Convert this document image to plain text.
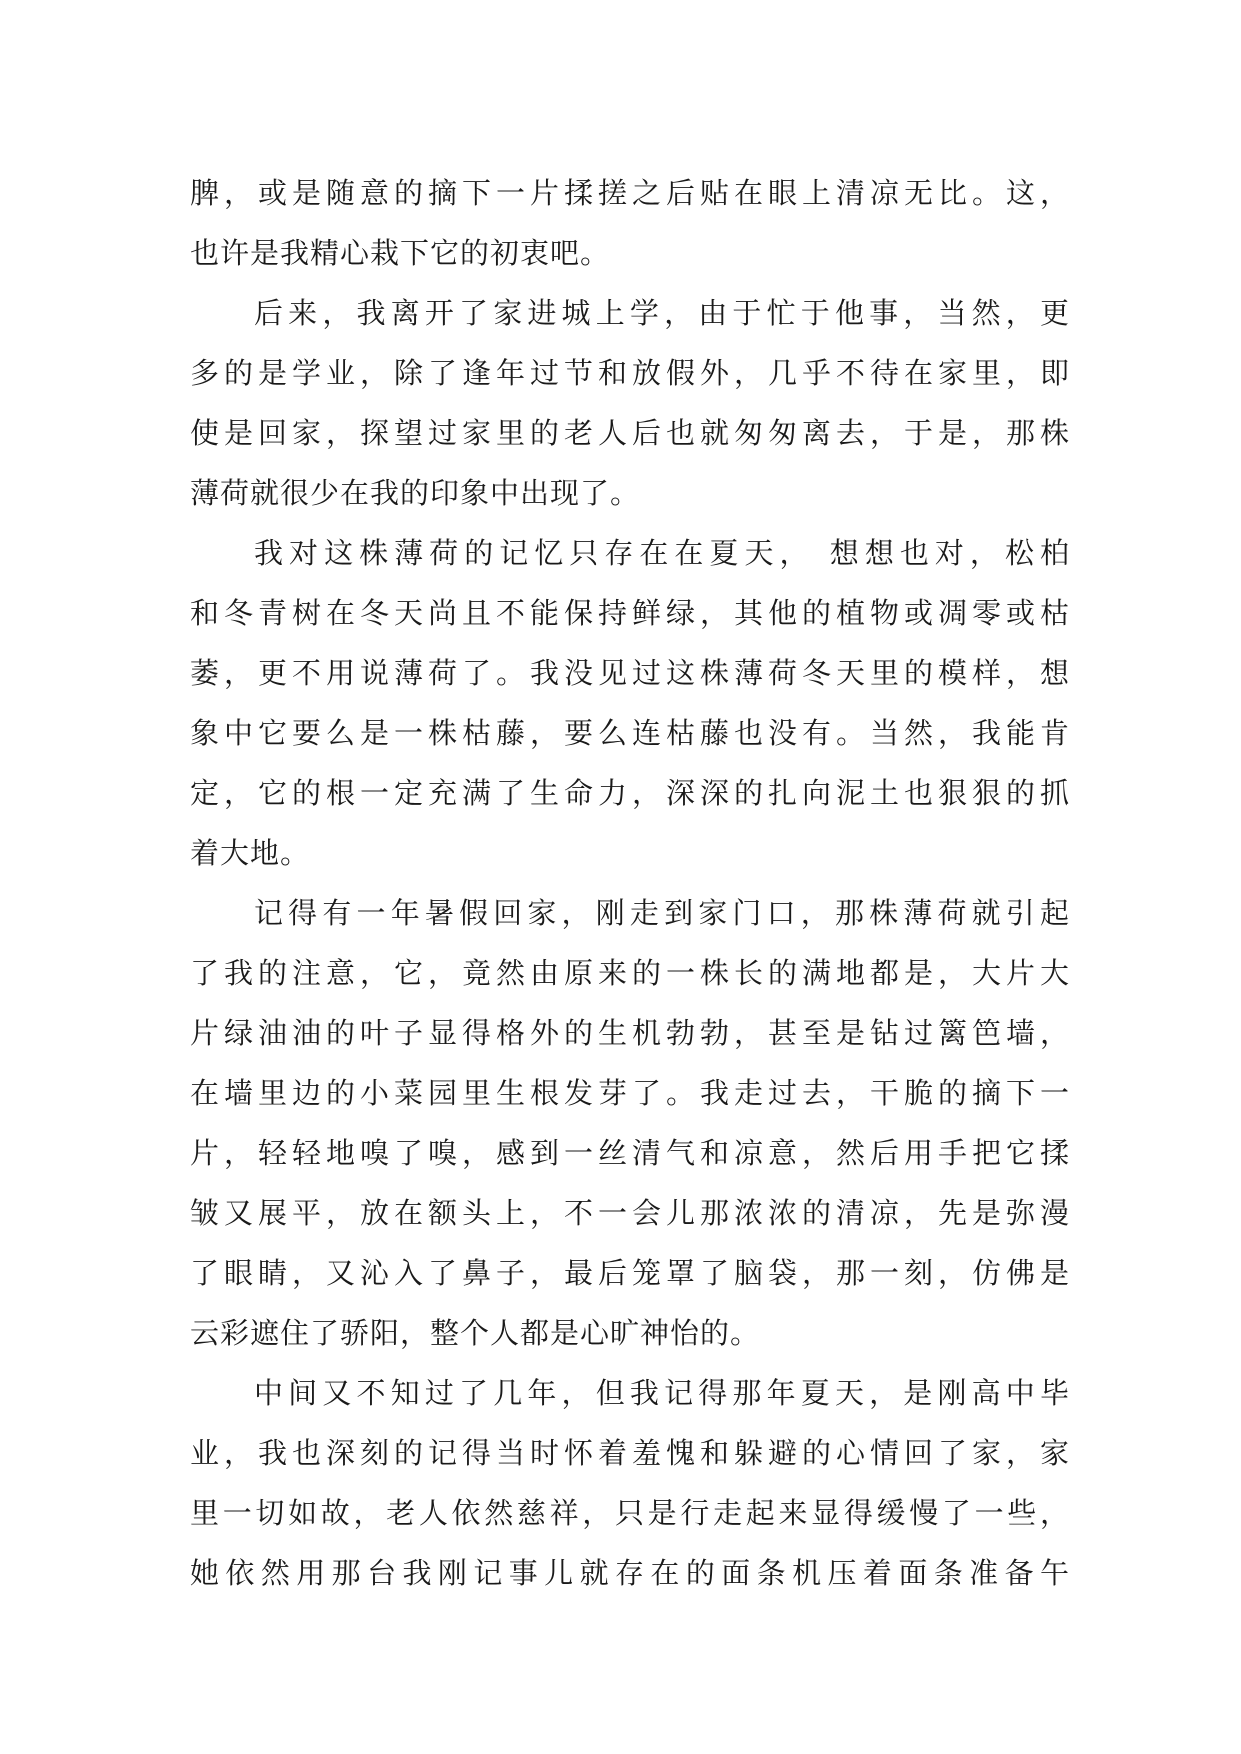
脾，或是随意的摘下一片揉搓之后贴在眼上清凉无比。这，
也许是我精心栽下它的初衷吧。
后来，我离开了家进城上学，由于忙于他事，当然，更
多的是学业，除了逢年过节和放假外，几乎不待在家里，即
使是回家，探望过家里的老人后也就匆匆离去，于是，那株
薄荷就很少在我的印象中出现了。
我对这株薄荷的记忆只存在在夏天， 想想也对，松柏
和冬青树在冬天尚且不能保持鲜绿，其他的植物或凋零或枯
萎，更不用说薄荷了。我没见过这株薄荷冬天里的模样，想
象中它要么是一株枯藤，要么连枯藤也没有。当然，我能肯
定，它的根一定充满了生命力，深深的扎向泥土也狠狠的抓
着大地。
记得有一年暑假回家，刚走到家门口，那株薄荷就引起
了我的注意，它，竟然由原来的一株长的满地都是，大片大
片绿油油的叶子显得格外的生机勃勃，甚至是钻过篱笆墙，
在墙里边的小菜园里生根发芽了。我走过去，干脆的摘下一
片，轻轻地嗅了嗅，感到一丝清气和凉意，然后用手把它揉
皱又展平，放在额头上，不一会儿那浓浓的清凉，先是弥漫
了眼睛，又沁入了鼻子，最后笼罩了脑袋，那一刻，仿佛是
云彩遮住了骄阳，整个人都是心旷神怡的。
中间又不知过了几年，但我记得那年夏天，是刚高中毕
业，我也深刻的记得当时怀着羞愧和躲避的心情回了家，家
里一切如故，老人依然慈祥，只是行走起来显得缓慢了一些，
她依然用那台我刚记事儿就存在的面条机压着面条准备午
